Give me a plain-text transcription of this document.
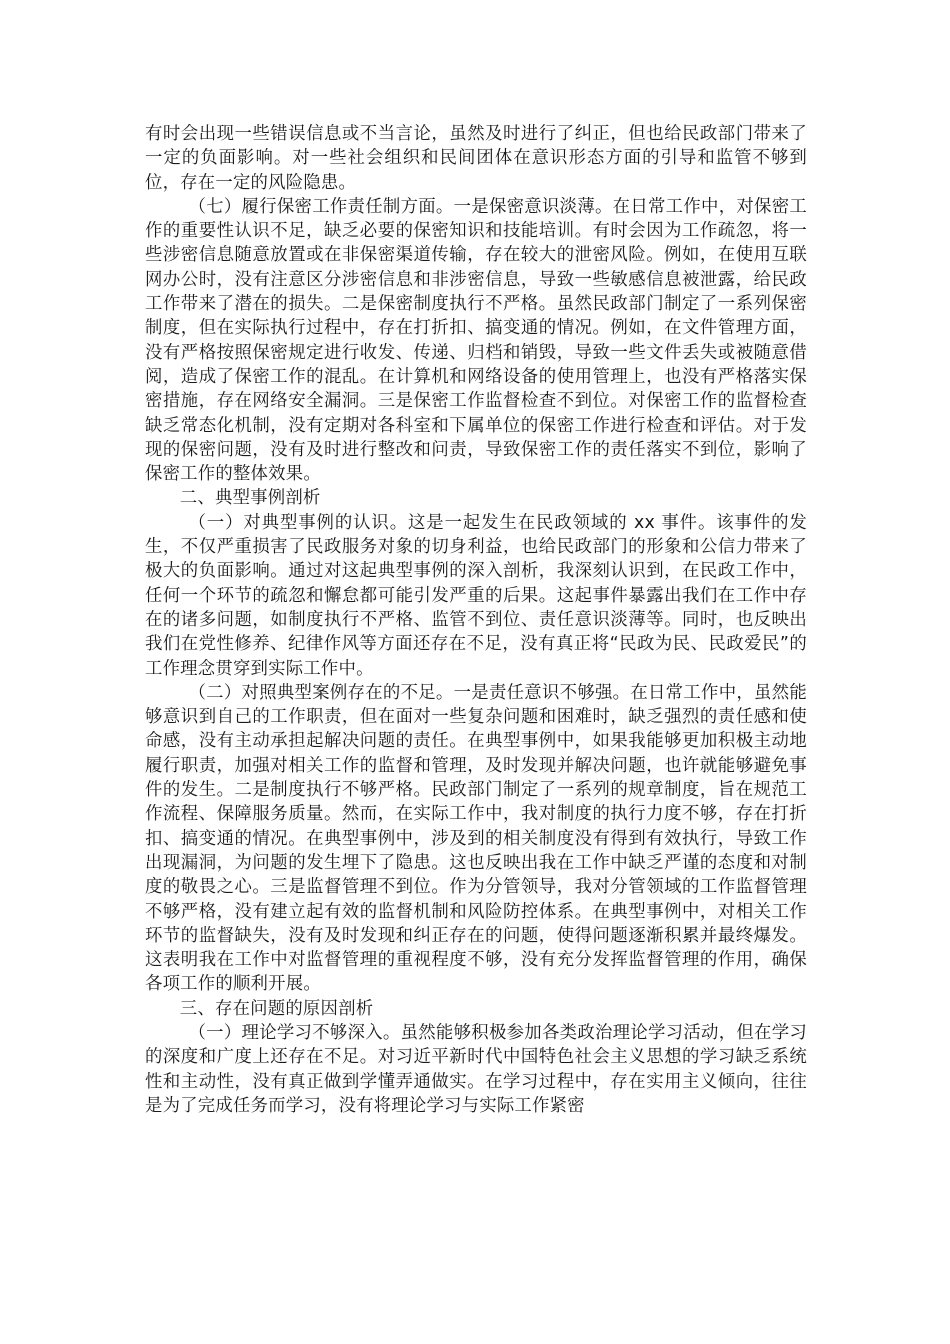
有时会出现一些错误信息或不当言论，虽然及时进行了纠正，但也给民政部门带来了一定的负面影响。对一些社会组织和民间团体在意识形态方面的引导和监管不够到位，存在一定的风险隐患。

（七）履行保密工作责任制方面。一是保密意识淡薄。在日常工作中，对保密工作的重要性认识不足，缺乏必要的保密知识和技能培训。有时会因为工作疏忽，将一些涉密信息随意放置或在非保密渠道传输，存在较大的泄密风险。例如，在使用互联网办公时，没有注意区分涉密信息和非涉密信息，导致一些敏感信息被泄露，给民政工作带来了潜在的损失。二是保密制度执行不严格。虽然民政部门制定了一系列保密制度，但在实际执行过程中，存在打折扣、搞变通的情况。例如，在文件管理方面，没有严格按照保密规定进行收发、传递、归档和销毁，导致一些文件丢失或被随意借阅，造成了保密工作的混乱。在计算机和网络设备的使用管理上，也没有严格落实保密措施，存在网络安全漏洞。三是保密工作监督检查不到位。对保密工作的监督检查缺乏常态化机制，没有定期对各科室和下属单位的保密工作进行检查和评估。对于发现的保密问题，没有及时进行整改和问责，导致保密工作的责任落实不到位，影响了保密工作的整体效果。

二、典型事例剖析

（一）对典型事例的认识。这是一起发生在民政领域的 xx 事件。该事件的发生，不仅严重损害了民政服务对象的切身利益，也给民政部门的形象和公信力带来了极大的负面影响。通过对这起典型事例的深入剖析，我深刻认识到，在民政工作中，任何一个环节的疏忽和懈怠都可能引发严重的后果。这起事件暴露出我们在工作中存在的诸多问题，如制度执行不严格、监管不到位、责任意识淡薄等。同时，也反映出我们在党性修养、纪律作风等方面还存在不足，没有真正将“民政为民、民政爱民”的工作理念贯穿到实际工作中。

（二）对照典型案例存在的不足。一是责任意识不够强。在日常工作中，虽然能够意识到自己的工作职责，但在面对一些复杂问题和困难时，缺乏强烈的责任感和使命感，没有主动承担起解决问题的责任。在典型事例中，如果我能够更加积极主动地履行职责，加强对相关工作的监督和管理，及时发现并解决问题，也许就能够避免事件的发生。二是制度执行不够严格。民政部门制定了一系列的规章制度，旨在规范工作流程、保障服务质量。然而，在实际工作中，我对制度的执行力度不够，存在打折扣、搞变通的情况。在典型事例中，涉及到的相关制度没有得到有效执行，导致工作出现漏洞，为问题的发生埋下了隐患。这也反映出我在工作中缺乏严谨的态度和对制度的敬畏之心。三是监督管理不到位。作为分管领导，我对分管领域的工作监督管理不够严格，没有建立起有效的监督机制和风险防控体系。在典型事例中，对相关工作环节的监督缺失，没有及时发现和纠正存在的问题，使得问题逐渐积累并最终爆发。这表明我在工作中对监督管理的重视程度不够，没有充分发挥监督管理的作用，确保各项工作的顺利开展。

三、存在问题的原因剖析

（一）理论学习不够深入。虽然能够积极参加各类政治理论学习活动，但在学习的深度和广度上还存在不足。对习近平新时代中国特色社会主义思想的学习缺乏系统性和主动性，没有真正做到学懂弄通做实。在学习过程中，存在实用主义倾向，往往是为了完成任务而学习，没有将理论学习与实际工作紧密
